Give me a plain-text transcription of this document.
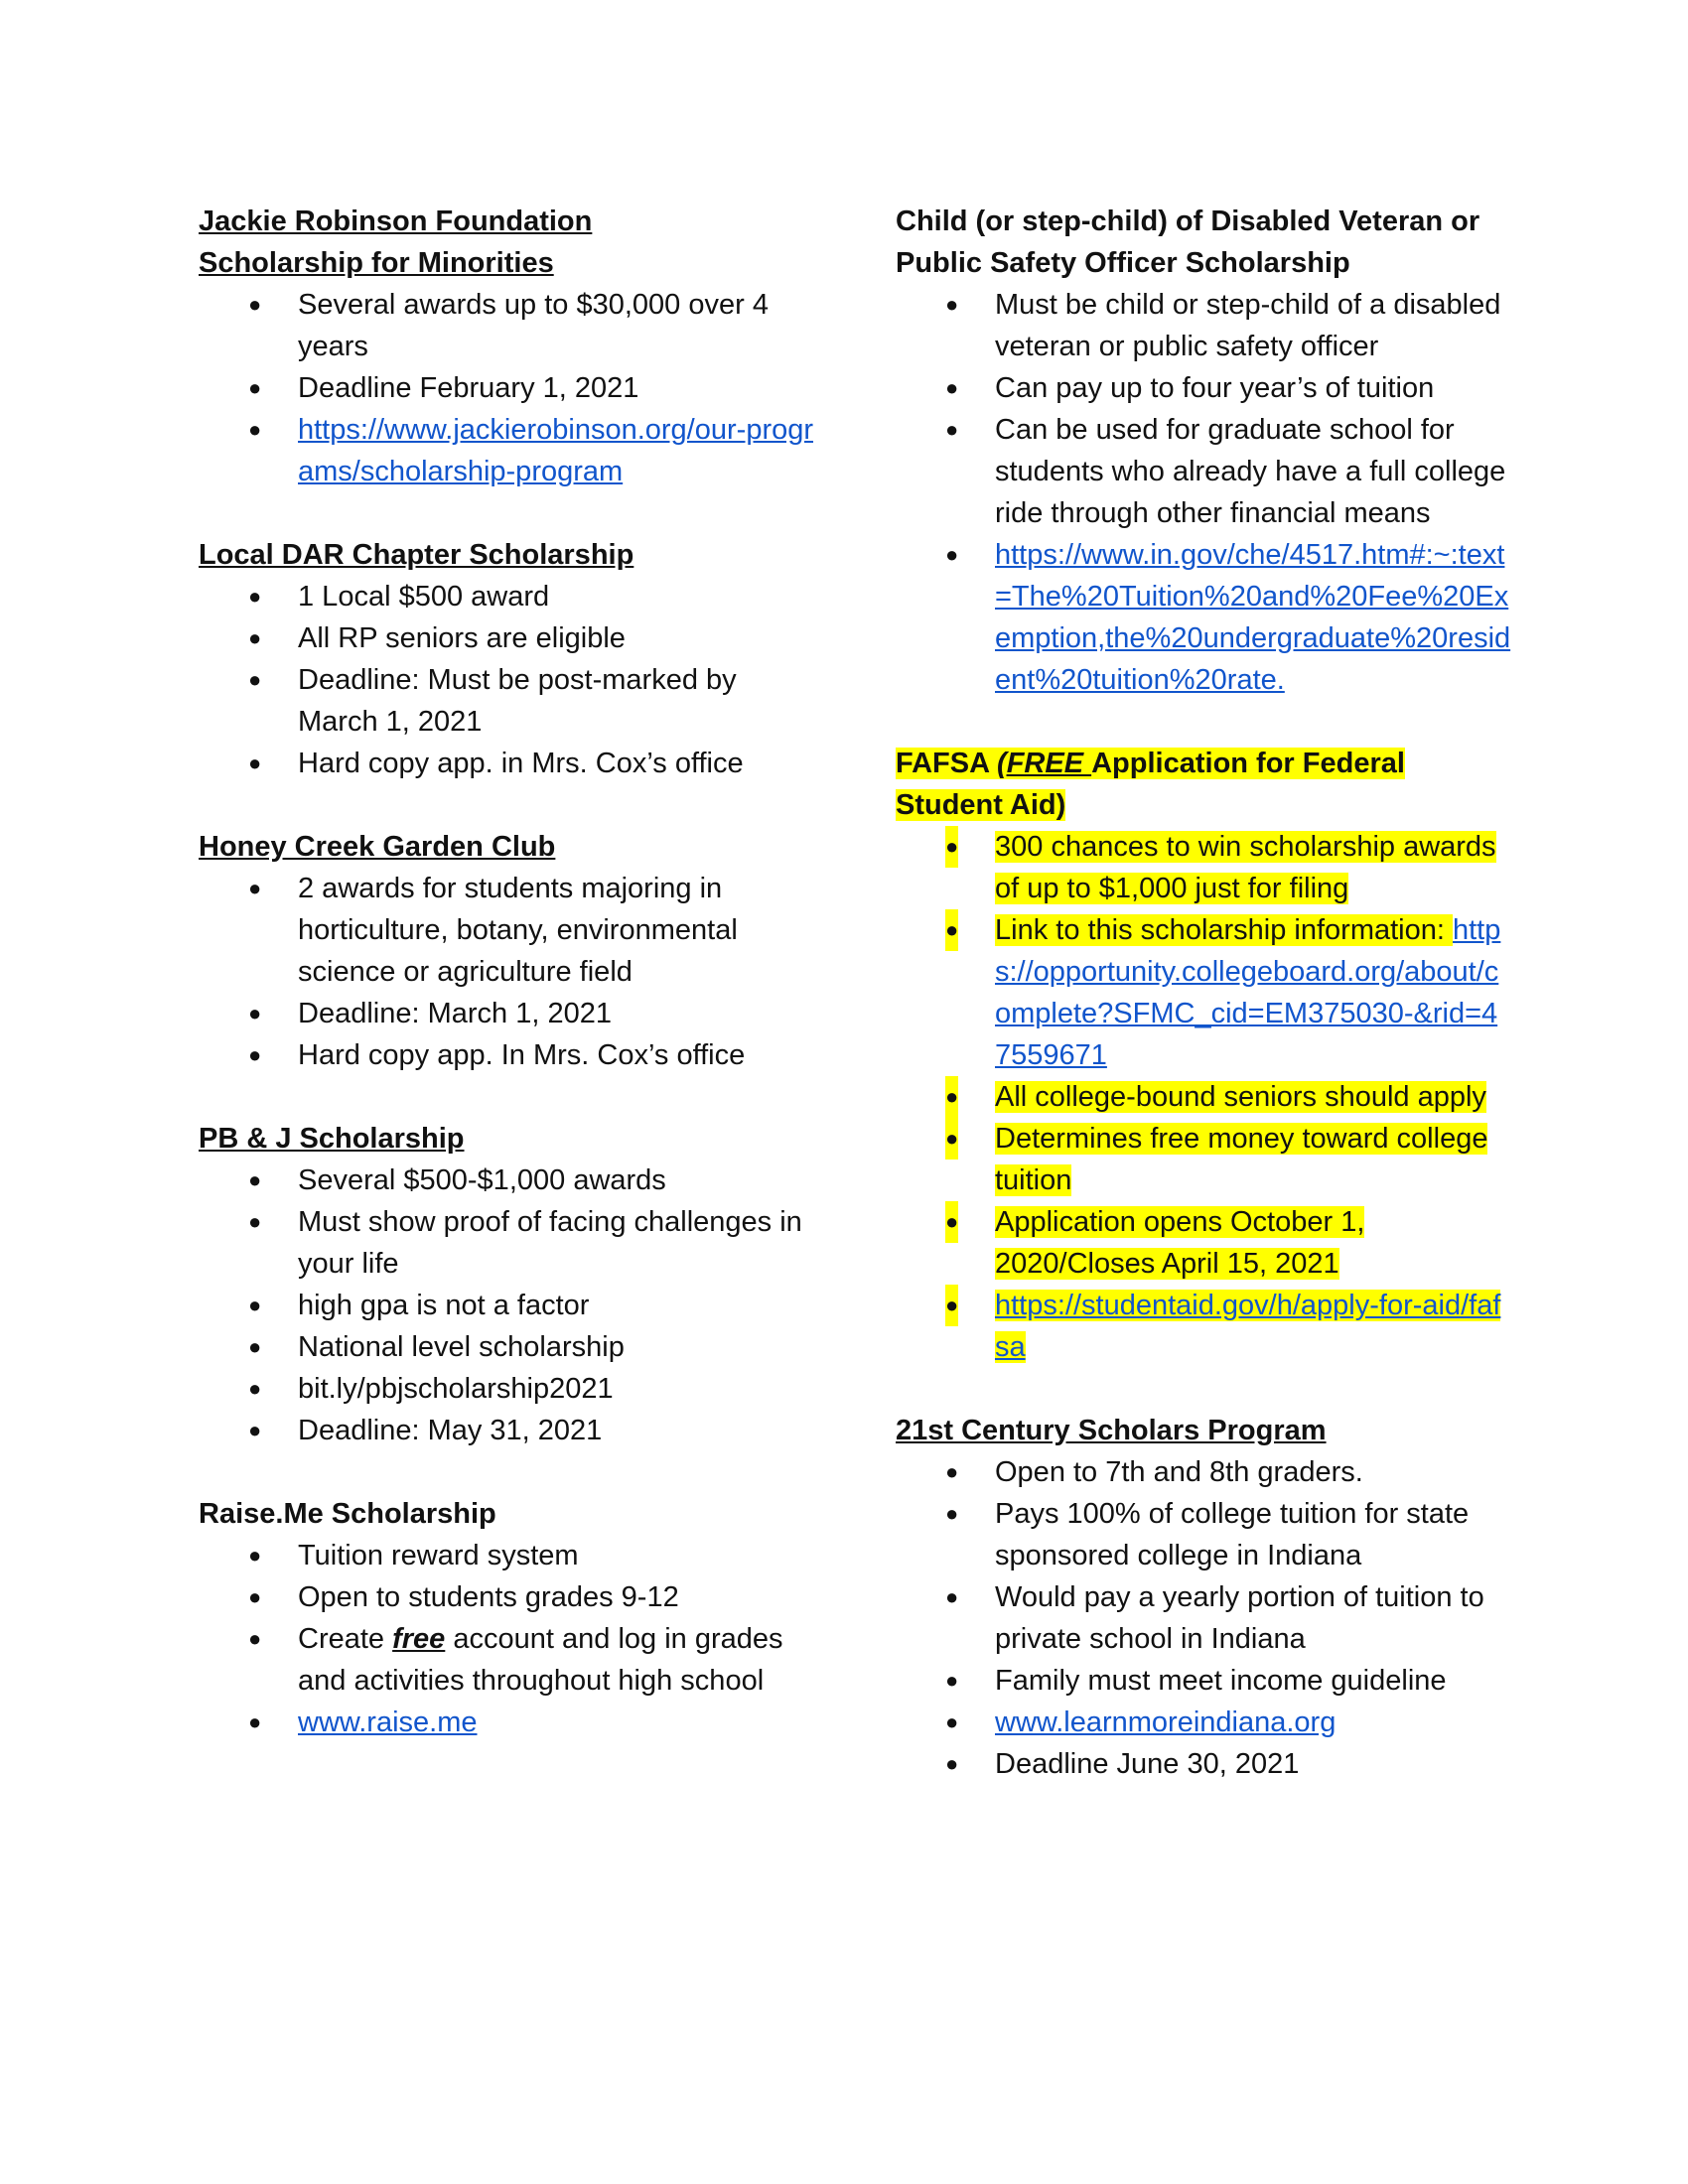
Jackie Robinson Foundation
Scholarship for Minorities

● Several awards up to $30,000 over 4 years
● Deadline February 1, 2021
● https://www.jackierobinson.org/our-programs/scholarship-program

Local DAR Chapter Scholarship

● 1 Local $500 award
● All RP seniors are eligible
● Deadline: Must be post-marked by March 1, 2021
● Hard copy app. in Mrs. Cox’s office

Honey Creek Garden Club

● 2 awards for students majoring in horticulture, botany, environmental science or agriculture field
● Deadline: March 1, 2021
● Hard copy app. In Mrs. Cox’s office

PB & J Scholarship

● Several $500-$1,000 awards
● Must show proof of facing challenges in your life
● high gpa is not a factor
● National level scholarship
● bit.ly/pbjscholarship2021
● Deadline: May 31, 2021

Raise.Me Scholarship

● Tuition reward system
● Open to students grades 9-12
● Create free account and log in grades and activities throughout high school
● www.raise.me

Child (or step-child) of Disabled Veteran or Public Safety Officer Scholarship

● Must be child or step-child of a disabled veteran or public safety officer
● Can pay up to four year’s of tuition
● Can be used for graduate school for students who already have a full college ride through other financial means
● https://www.in.gov/che/4517.htm#:~:text=The%20Tuition%20and%20Fee%20Exemption,the%20undergraduate%20resident%20tuition%20rate.

FAFSA (FREE Application for Federal Student Aid)

● 300 chances to win scholarship awards of up to $1,000 just for filing
● Link to this scholarship information: https://opportunity.collegeboard.org/about/complete?SFMC_cid=EM375030-&rid=47559671
● All college-bound seniors should apply
● Determines free money toward college tuition
● Application opens October 1, 2020/Closes April 15, 2021
● https://studentaid.gov/h/apply-for-aid/fafsa

21st Century Scholars Program

● Open to 7th and 8th graders.
● Pays 100% of college tuition for state sponsored college in Indiana
● Would pay a yearly portion of tuition to private school in Indiana
● Family must meet income guideline
● www.learnmoreindiana.org
● Deadline June 30, 2021
